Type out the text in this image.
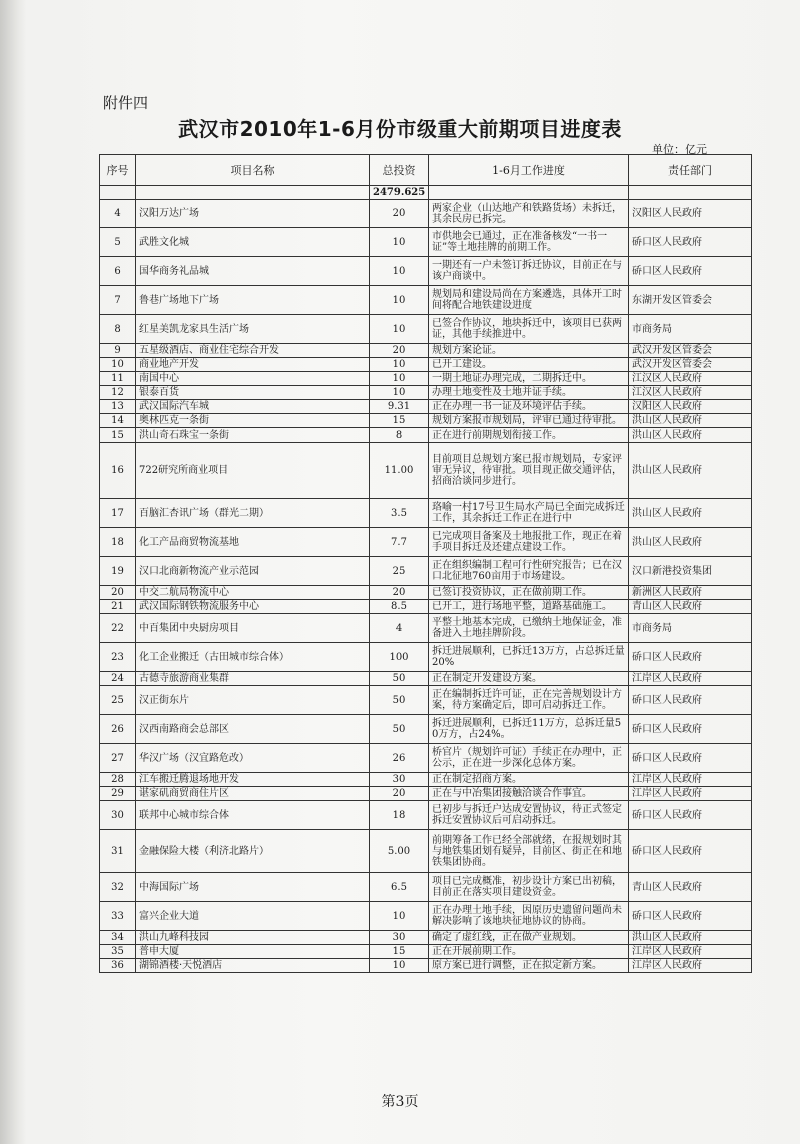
附件四
武汉市2010年1-6月份市级重大前期项目进度表
单位：亿元
序号	项目名称	总投资	1-6月工作进度	责任部门
		2479.625		
4	汉阳万达广场	20	两家企业（山达地产和铁路货场）未拆迁，其余民房已拆完。	汉阳区人民政府
5	武胜文化城	10	市供地会已通过，正在准备核发“一书一证”等土地挂牌的前期工作。	硚口区人民政府
6	国华商务礼品城	10	一期还有一户未签订拆迁协议，目前正在与该户商谈中。	硚口区人民政府
7	鲁巷广场地下广场	10	规划局和建设局尚在方案遴选，具体开工时间将配合地铁建设进度	东湖开发区管委会
8	红星美凯龙家具生活广场	10	已签合作协议，地块拆迁中，该项目已获两证，其他手续推进中。	市商务局
9	五星级酒店、商业住宅综合开发	20	规划方案论证。	武汉开发区管委会
10	商业地产开发	10	已开工建设。	武汉开发区管委会
11	南国中心	10	一期土地证办理完成，二期拆迁中。	江汉区人民政府
12	银泰百货	10	办理土地变性及土地并证手续。	江汉区人民政府
13	武汉国际汽车城	9.31	正在办理一书一证及环境评估手续。	汉阳区人民政府
14	奥林匹克一条街	15	规划方案报市规划局，评审已通过待审批。	洪山区人民政府
15	洪山奇石珠宝一条街	8	正在进行前期规划衔接工作。	洪山区人民政府
16	722研究所商业项目	11.00	目前项目总规划方案已报市规划局，专家评审无异议，待审批。项目现正做交通评估，招商洽谈同步进行。	洪山区人民政府
17	百脑汇杏讯广场（群光二期）	3.5	珞喻一村17号卫生局水产局已全面完成拆迁工作，其余拆迁工作正在进行中	洪山区人民政府
18	化工产品商贸物流基地	7.7	已完成项目备案及土地报批工作，现正在着手项目拆迁及还建点建设工作。	洪山区人民政府
19	汉口北商新物流产业示范园	25	正在组织编制工程可行性研究报告；已在汉口北征地760亩用于市场建设。	汉口新港投资集团
20	中交二航局物流中心	20	已签订投资协议，正在做前期工作。	新洲区人民政府
21	武汉国际钢铁物流服务中心	8.5	已开工，进行场地平整，道路基础施工。	青山区人民政府
22	中百集团中央厨房项目	4	平整土地基本完成，已缴纳土地保证金，准备进入土地挂牌阶段。	市商务局
23	化工企业搬迁（古田城市综合体）	100	拆迁进展顺利，已拆迁13万方，占总拆迁量20%	硚口区人民政府
24	古德寺旅游商业集群	50	正在制定开发建设方案。	江岸区人民政府
25	汉正街东片	50	正在编制拆迁许可证，正在完善规划设计方案，待方案确定后，即可启动拆迁工作。	硚口区人民政府
26	汉西南路商会总部区	50	拆迁进展顺利，已拆迁11万方，总拆迁量50万方，占24%。	硚口区人民政府
27	华汉广场（汉宜路危改）	26	桥官片（规划许可证）手续正在办理中，正公示，正在进一步深化总体方案。	硚口区人民政府
28	江车搬迁腾退场地开发	30	正在制定招商方案。	江岸区人民政府
29	谌家矶商贸商住片区	20	正在与中冶集团接触洽谈合作事宜。	江岸区人民政府
30	联邦中心城市综合体	18	已初步与拆迁户达成安置协议，待正式签定拆迁安置协议后可启动拆迁。	硚口区人民政府
31	金融保险大楼（利济北路片）	5.00	前期筹备工作已经全部就绪，在报规划时其与地铁集团划有疑异，目前区、街正在和地铁集团协商。	硚口区人民政府
32	中海国际广场	6.5	项目已完成概准，初步设计方案已出初稿，目前正在落实项目建设资金。	青山区人民政府
33	富兴企业大道	10	正在办理土地手续，因原历史遗留问题尚未解决影响了该地块征地协议的协商。	硚口区人民政府
34	洪山九峰科技园	30	确定了虚红线，正在做产业规划。	洪山区人民政府
35	普申大厦	15	正在开展前期工作。	江岸区人民政府
36	湖锦酒楼·天悦酒店	10	原方案已进行调整，正在拟定新方案。	江岸区人民政府
第3页
